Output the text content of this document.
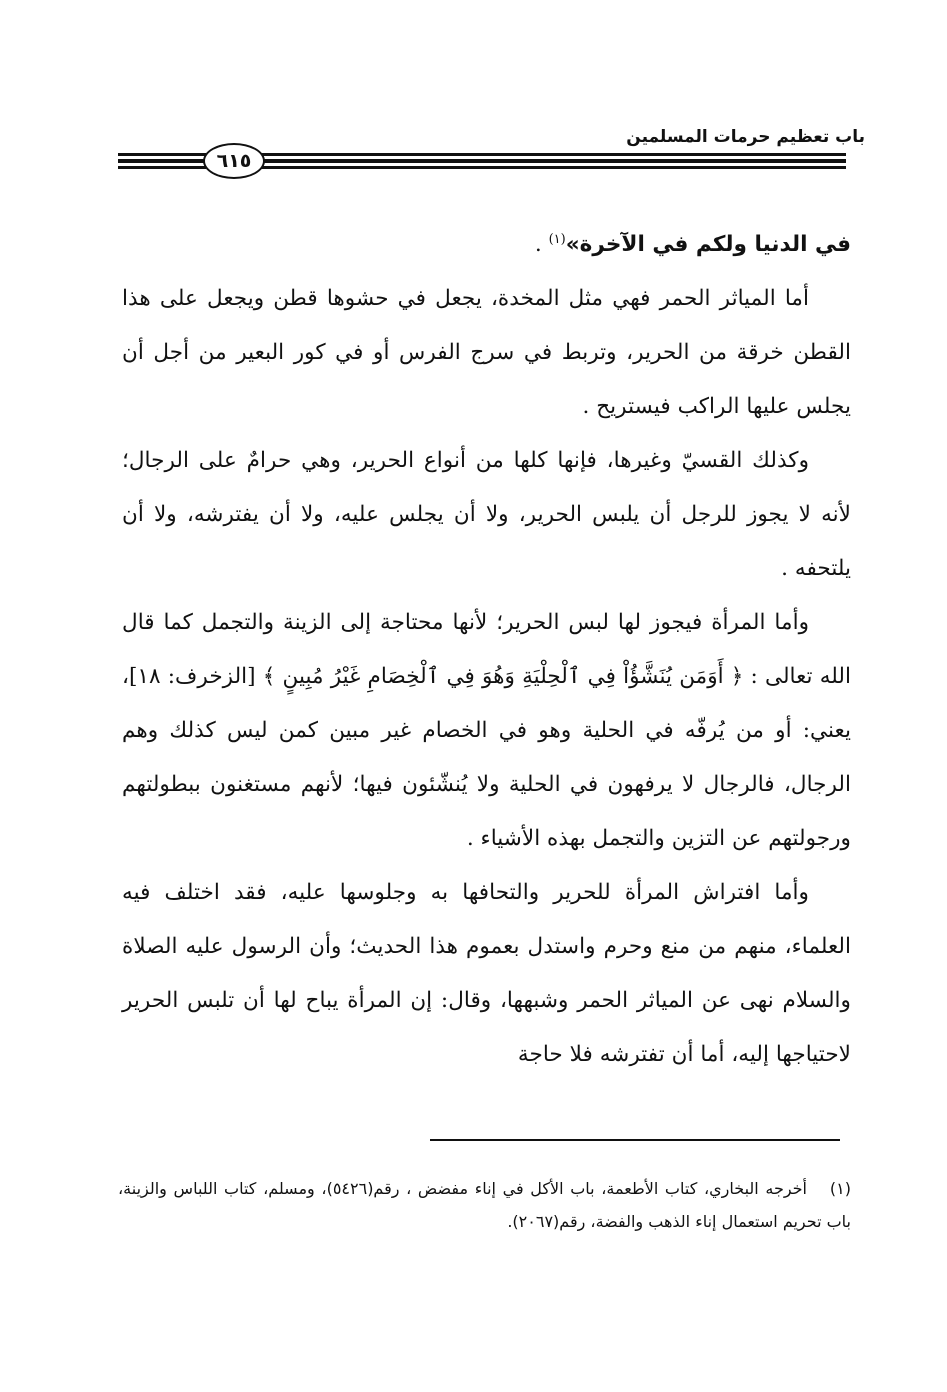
باب تعظيم حرمات المسلمين
٦١٥

في الدنيا ولكم في الآخرة»$^{(١)}$ .

أما المياثر الحمر فهي مثل المخدة، يجعل في حشوها قطن ويجعل على هذا القطن خرقة من الحرير، وتربط في سرج الفرس أو في كور البعير من أجل أن يجلس عليها الراكب فيستريح .

وكذلك القسيّ وغيرها، فإنها كلها من أنواع الحرير، وهي حرامٌ على الرجال؛ لأنه لا يجوز للرجل أن يلبس الحرير، ولا أن يجلس عليه، ولا أن يفترشه، ولا أن يلتحفه .

وأما المرأة فيجوز لها لبس الحرير؛ لأنها محتاجة إلى الزينة والتجمل كما قال الله تعالى : ﴿ أَوَمَن يُنَشَّؤُاْ فِي ٱلْحِلْيَةِ وَهُوَ فِي ٱلْخِصَامِ غَيْرُ مُبِينٍ ﴾ [الزخرف: ١٨]، يعني: أو من يُرفّه في الحلية وهو في الخصام غير مبين كمن ليس كذلك وهم الرجال، فالرجال لا يرفهون في الحلية ولا يُنشّئون فيها؛ لأنهم مستغنون ببطولتهم ورجولتهم عن التزين والتجمل بهذه الأشياء .

وأما افتراش المرأة للحرير والتحافها به وجلوسها عليه، فقد اختلف فيه العلماء، منهم من منع وحرم واستدل بعموم هذا الحديث؛ وأن الرسول عليه الصلاة والسلام نهى عن المياثر الحمر وشبهها، وقال: إن المرأة يباح لها أن تلبس الحرير لاحتياجها إليه، أما أن تفترشه فلا حاجة

(١)أخرجه البخاري، كتاب الأطعمة، باب الأكل في إناء مفضض ، رقم(٥٤٢٦)، ومسلم، كتاب اللباس والزينة، باب تحريم استعمال إناء الذهب والفضة، رقم(٢٠٦٧).
